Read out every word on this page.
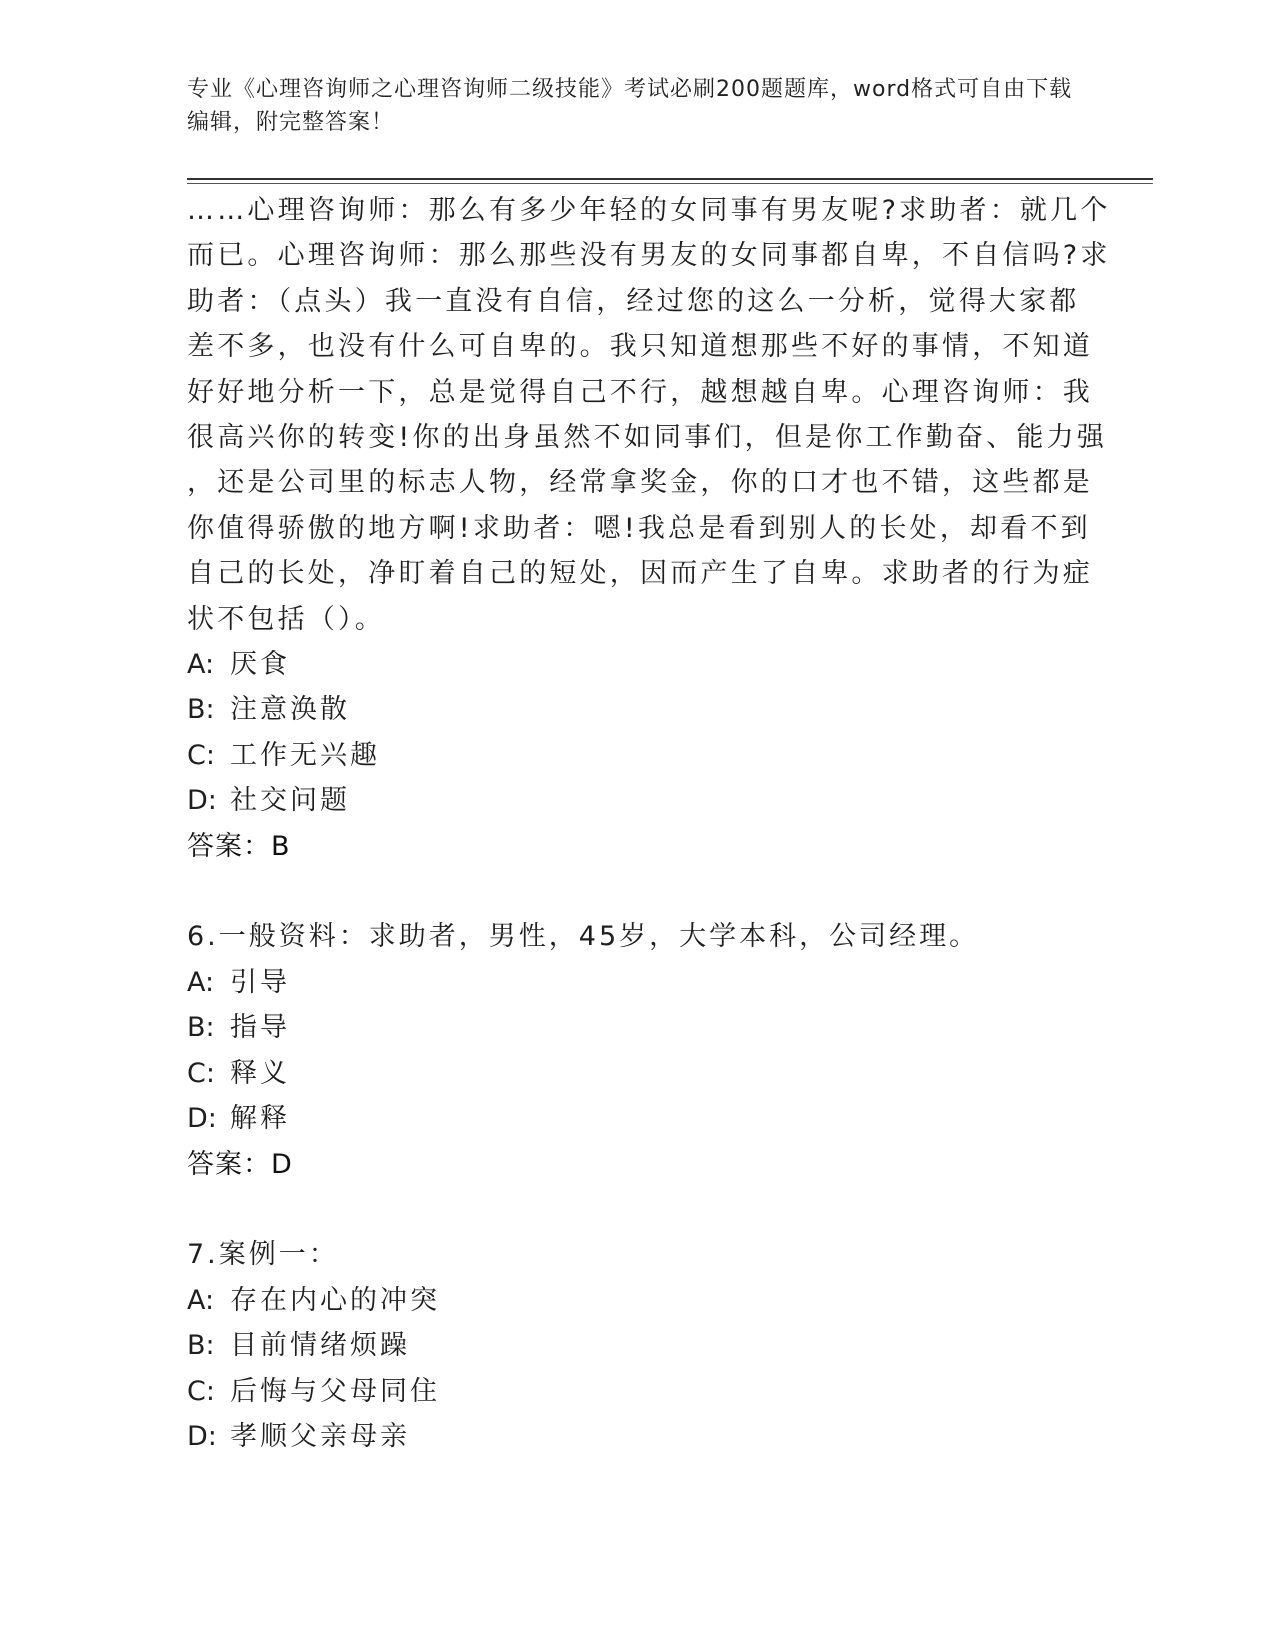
专业《心理咨询师之心理咨询师二级技能》考试必刷200题题库，word格式可自由下载编辑，附完整答案！
……心理咨询师：那么有多少年轻的女同事有男友呢?求助者：就几个
而已。心理咨询师：那么那些没有男友的女同事都自卑，不自信吗?求
助者：（点头）我一直没有自信，经过您的这么一分析，觉得大家都
差不多，也没有什么可自卑的。我只知道想那些不好的事情，不知道
好好地分析一下，总是觉得自己不行，越想越自卑。心理咨询师：我
很高兴你的转变!你的出身虽然不如同事们，但是你工作勤奋、能力强
，还是公司里的标志人物，经常拿奖金，你的口才也不错，这些都是
你值得骄傲的地方啊!求助者：嗯!我总是看到别人的长处，却看不到
自己的长处，净盯着自己的短处，因而产生了自卑。求助者的行为症
状不包括（）。
A: 厌食
B: 注意涣散
C: 工作无兴趣
D: 社交问题
答案：B
6.一般资料：求助者，男性，45岁，大学本科，公司经理。
A: 引导
B: 指导
C: 释义
D: 解释
答案：D
7.案例一：
A: 存在内心的冲突
B: 目前情绪烦躁
C: 后悔与父母同住
D: 孝顺父亲母亲
